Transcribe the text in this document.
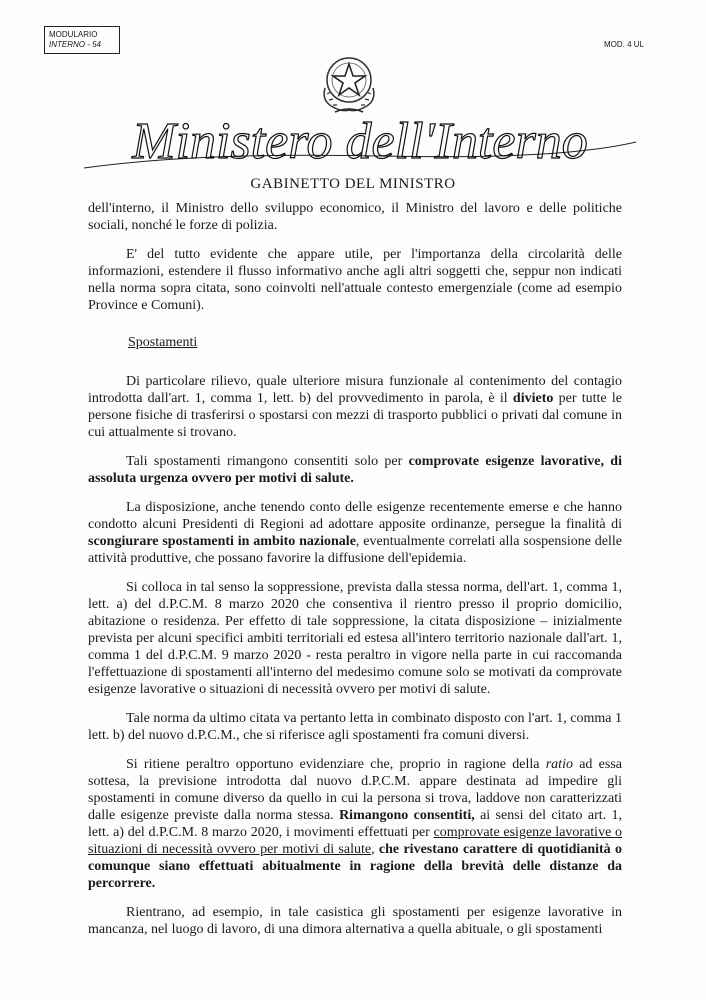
MODULARIO
INTERNO - 54	MOD. 4 UL
Ministero dell'Interno
GABINETTO DEL MINISTRO

dell'interno, il Ministro dello sviluppo economico, il Ministro del lavoro e delle politiche sociali, nonché le forze di polizia.

E' del tutto evidente che appare utile, per l'importanza della circolarità delle informazioni, estendere il flusso informativo anche agli altri soggetti che, seppur non indicati nella norma sopra citata, sono coinvolti nell'attuale contesto emergenziale (come ad esempio Province e Comuni).

Spostamenti

Di particolare rilievo, quale ulteriore misura funzionale al contenimento del contagio introdotta dall'art. 1, comma 1, lett. b) del provvedimento in parola, è il divieto per tutte le persone fisiche di trasferirsi o spostarsi con mezzi di trasporto pubblici o privati dal comune in cui attualmente si trovano.

Tali spostamenti rimangono consentiti solo per comprovate esigenze lavorative, di assoluta urgenza ovvero per motivi di salute.

La disposizione, anche tenendo conto delle esigenze recentemente emerse e che hanno condotto alcuni Presidenti di Regioni ad adottare apposite ordinanze, persegue la finalità di scongiurare spostamenti in ambito nazionale, eventualmente correlati alla sospensione delle attività produttive, che possano favorire la diffusione dell'epidemia.

Si colloca in tal senso la soppressione, prevista dalla stessa norma, dell'art. 1, comma 1, lett. a) del d.P.C.M. 8 marzo 2020 che consentiva il rientro presso il proprio domicilio, abitazione o residenza. Per effetto di tale soppressione, la citata disposizione – inizialmente prevista per alcuni specifici ambiti territoriali ed estesa all'intero territorio nazionale dall'art. 1, comma 1 del d.P.C.M. 9 marzo 2020 - resta peraltro in vigore nella parte in cui raccomanda l'effettuazione di spostamenti all'interno del medesimo comune solo se motivati da comprovate esigenze lavorative o situazioni di necessità ovvero per motivi di salute.

Tale norma da ultimo citata va pertanto letta in combinato disposto con l'art. 1, comma 1 lett. b) del nuovo d.P.C.M., che si riferisce agli spostamenti fra comuni diversi.

Si ritiene peraltro opportuno evidenziare che, proprio in ragione della ratio ad essa sottesa, la previsione introdotta dal nuovo d.P.C.M. appare destinata ad impedire gli spostamenti in comune diverso da quello in cui la persona si trova, laddove non caratterizzati dalle esigenze previste dalla norma stessa. Rimangono consentiti, ai sensi del citato art. 1, lett. a) del d.P.C.M. 8 marzo 2020, i movimenti effettuati per comprovate esigenze lavorative o situazioni di necessità ovvero per motivi di salute, che rivestano carattere di quotidianità o comunque siano effettuati abitualmente in ragione della brevità delle distanze da percorrere.

Rientrano, ad esempio, in tale casistica gli spostamenti per esigenze lavorative in mancanza, nel luogo di lavoro, di una dimora alternativa a quella abituale, o gli spostamenti
